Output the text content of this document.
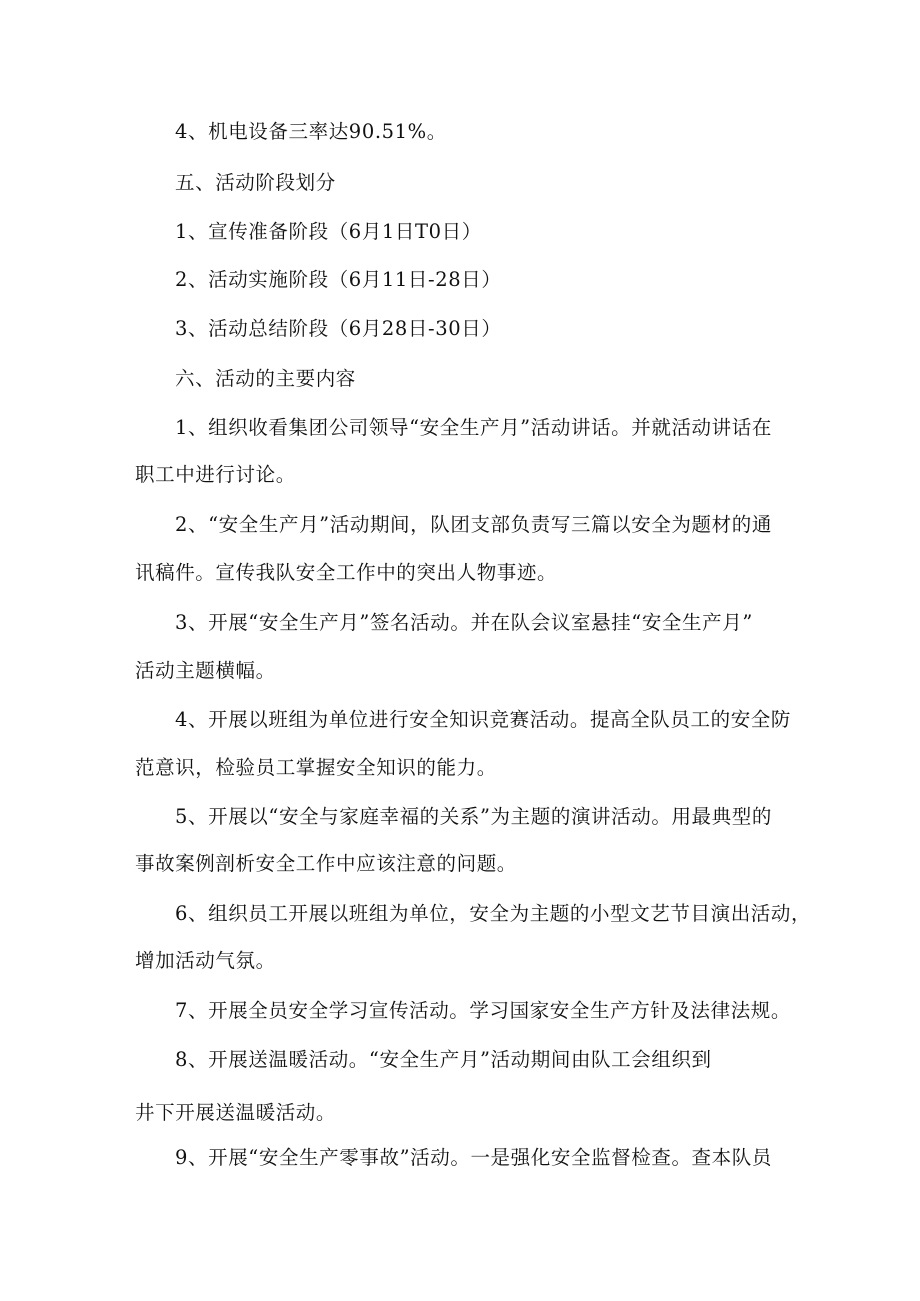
4、机电设备三率达90.51%。
五、活动阶段划分
1、宣传准备阶段（6月1日T0日）
2、活动实施阶段（6月11日-28日）
3、活动总结阶段（6月28日-30日）
六、活动的主要内容
1、组织收看集团公司领导“安全生产月”活动讲话。并就活动讲话在
职工中进行讨论。
2、“安全生产月”活动期间，队团支部负责写三篇以安全为题材的通
讯稿件。宣传我队安全工作中的突出人物事迹。
3、开展“安全生产月”签名活动。并在队会议室悬挂“安全生产月”
活动主题横幅。
4、开展以班组为单位进行安全知识竞赛活动。提高全队员工的安全防
范意识，检验员工掌握安全知识的能力。
5、开展以“安全与家庭幸福的关系”为主题的演讲活动。用最典型的
事故案例剖析安全工作中应该注意的问题。
6、组织员工开展以班组为单位，安全为主题的小型文艺节目演出活动，
增加活动气氛。
7、开展全员安全学习宣传活动。学习国家安全生产方针及法律法规。
8、开展送温暖活动。“安全生产月”活动期间由队工会组织到
井下开展送温暖活动。
9、开展“安全生产零事故”活动。一是强化安全监督检查。查本队员
